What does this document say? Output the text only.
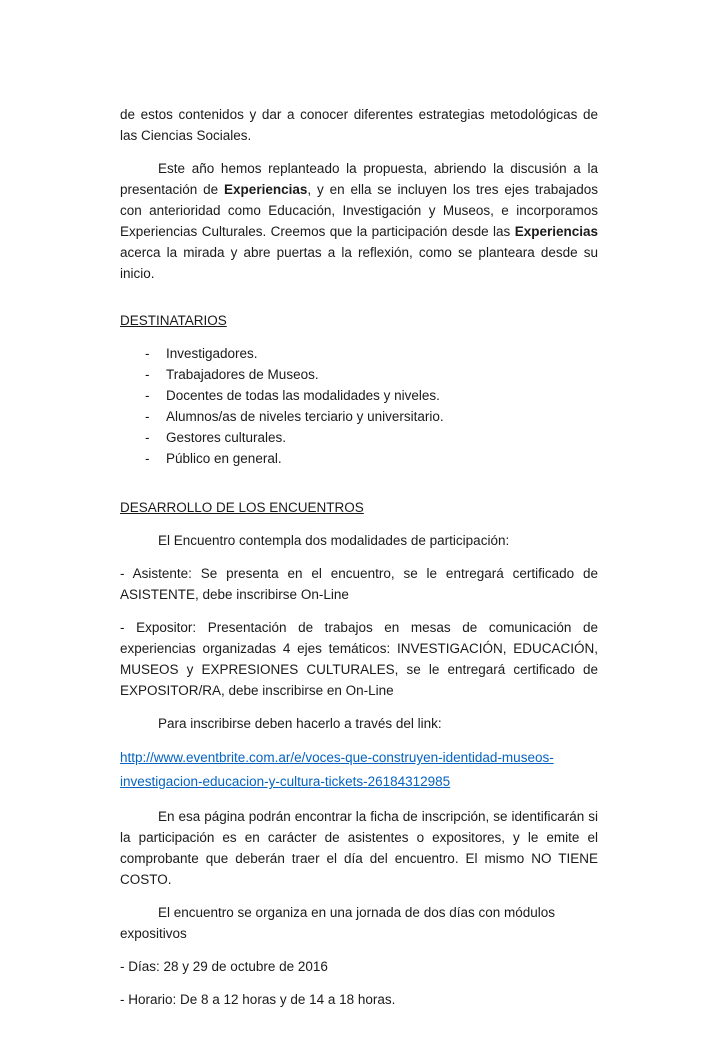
de estos contenidos y dar a conocer diferentes estrategias metodológicas de las Ciencias Sociales.

Este año hemos replanteado la propuesta, abriendo la discusión a la presentación de Experiencias, y en ella se incluyen los tres ejes trabajados con anterioridad como Educación, Investigación y Museos, e incorporamos Experiencias Culturales. Creemos que la participación desde las Experiencias acerca la mirada y abre puertas a la reflexión, como se planteara desde su inicio.

DESTINATARIOS

-	Investigadores.
-	Trabajadores de Museos.
-	Docentes de todas las modalidades y niveles.
-	Alumnos/as de niveles terciario y universitario.
-	Gestores culturales.
-	Público en general.

DESARROLLO DE LOS ENCUENTROS

El Encuentro contempla dos modalidades de participación:

- Asistente: Se presenta en el encuentro, se le entregará certificado de ASISTENTE, debe inscribirse On-Line

- Expositor: Presentación de trabajos en mesas de comunicación de experiencias organizadas 4 ejes temáticos: INVESTIGACIÓN, EDUCACIÓN, MUSEOS y EXPRESIONES CULTURALES, se le entregará certificado de EXPOSITOR/RA, debe inscribirse en On-Line

Para inscribirse deben hacerlo a través del link:

http://www.eventbrite.com.ar/e/voces-que-construyen-identidad-museos-investigacion-educacion-y-cultura-tickets-26184312985

En esa página podrán encontrar la ficha de inscripción, se identificarán si la participación es en carácter de asistentes o expositores, y le emite el comprobante que deberán traer el día del encuentro. El mismo NO TIENE COSTO.

El encuentro se organiza en una jornada de dos días con módulos expositivos

- Días: 28 y 29 de octubre de 2016

- Horario: De 8 a 12 horas y de 14 a 18 horas.
